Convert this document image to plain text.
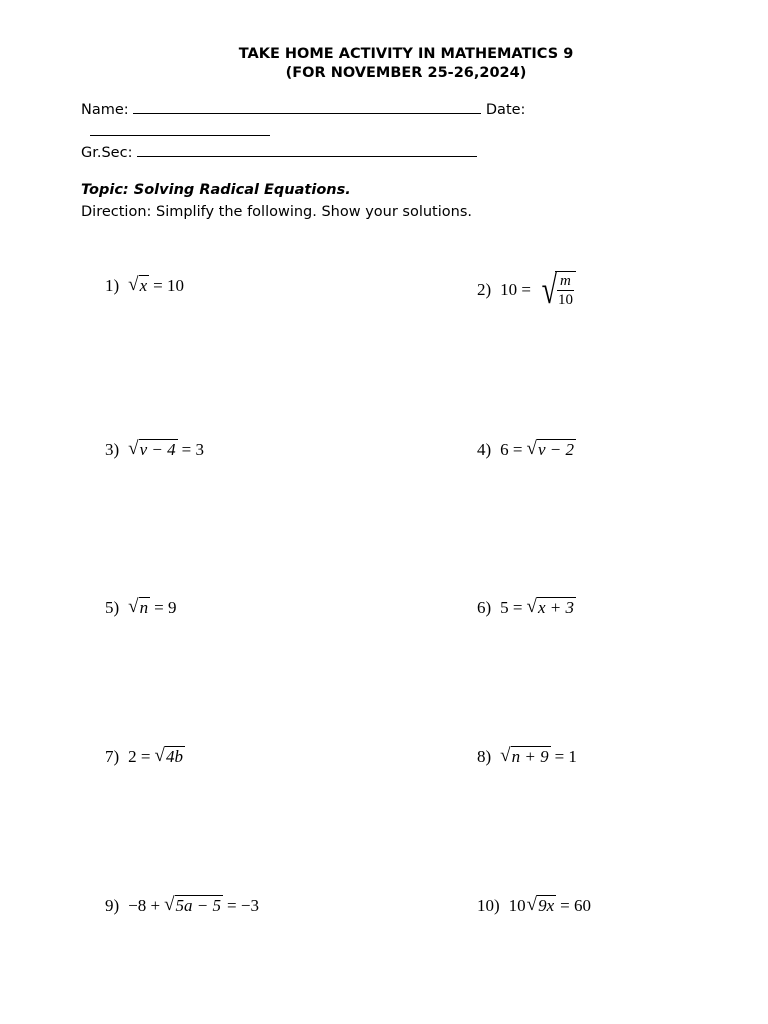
TAKE HOME ACTIVITY IN MATHEMATICS 9
(FOR NOVEMBER 25-26,2024)
Name:	Date:
Gr.Sec:
Topic: Solving Radical Equations.
Direction: Simplify the following. Show your solutions.
1) √ x = 10	2) 10 = √
$\frac{m}{10}$
3) √ v − 4 = 3	4) 6 = √ v − 2
5) √ n = 9	6) 5 = √ x + 3
7) 2 = √ 4b	8) √ n + 9 = 1
9) −8 + √ 5a − 5 = −3	10) 10 √ 9x = 60
